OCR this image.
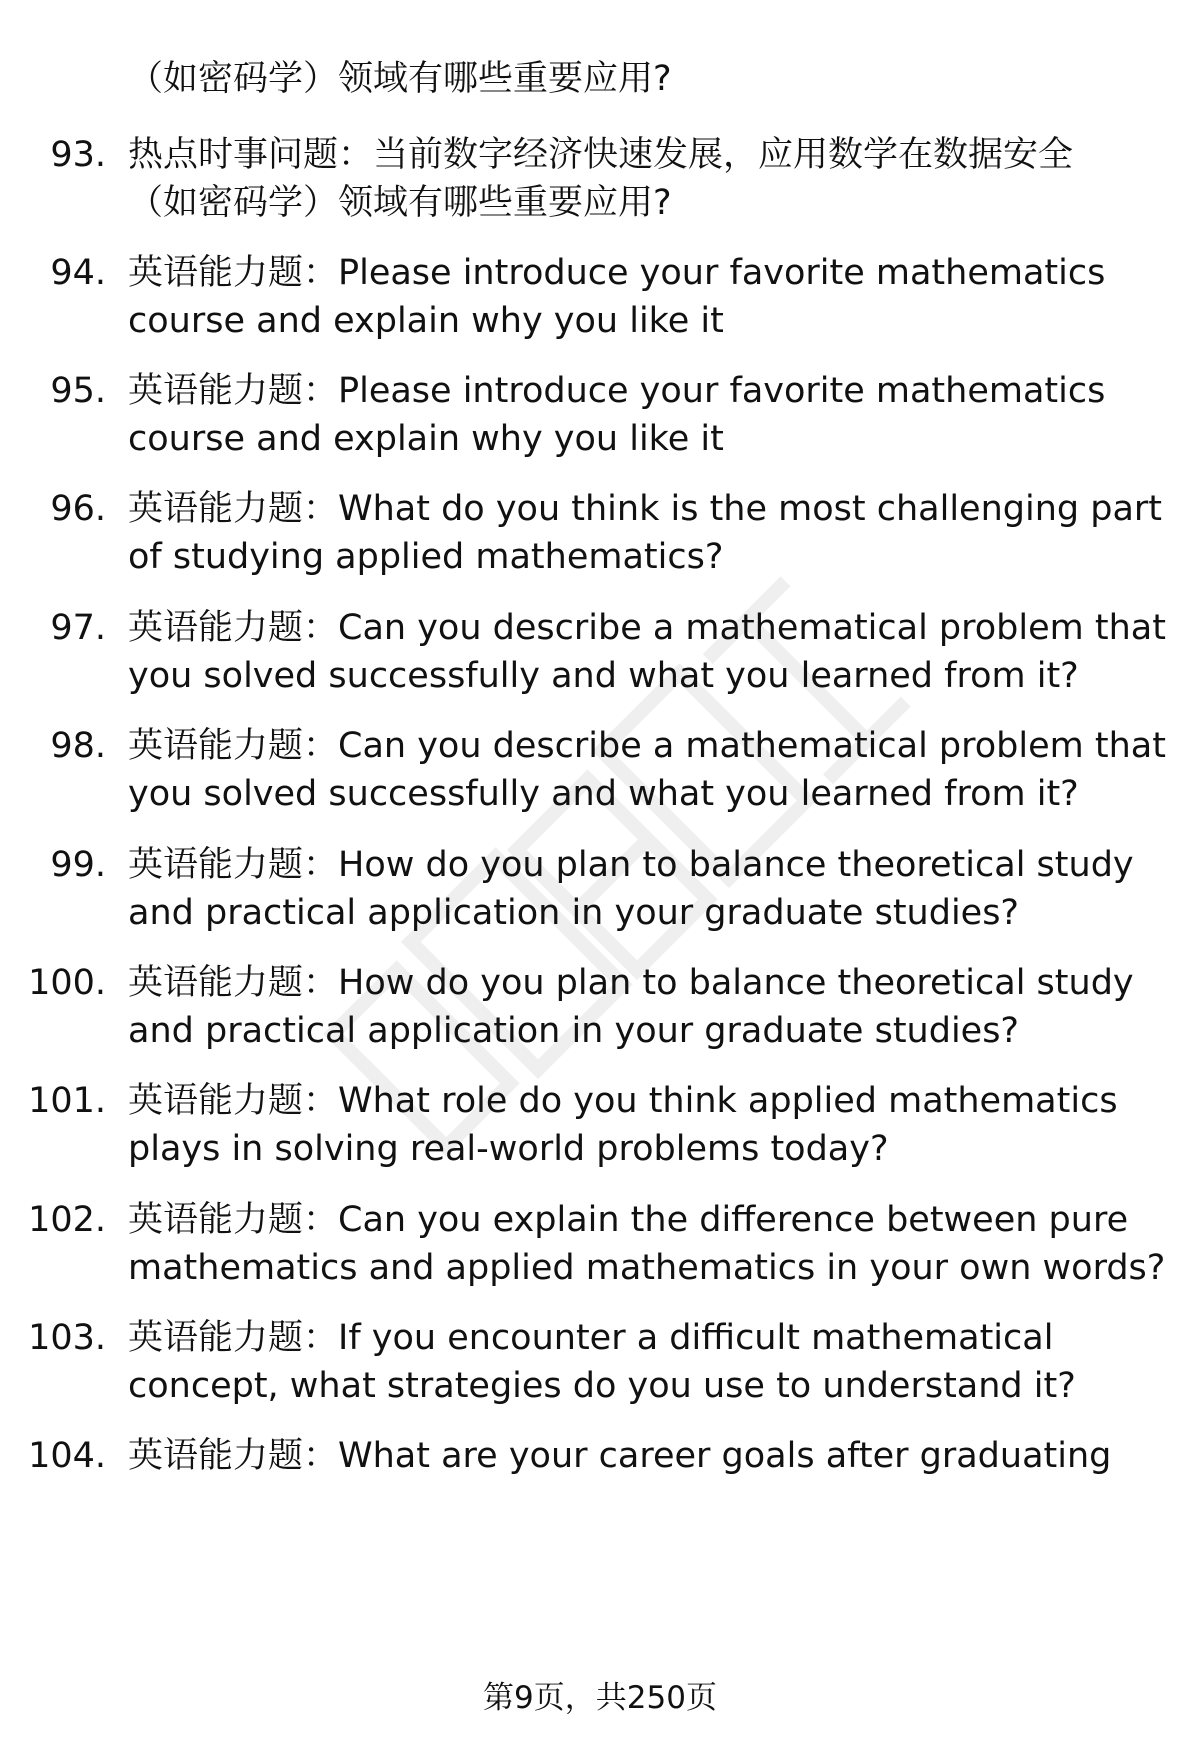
（如密码学）领域有哪些重要应用?
93. 热点时事问题：当前数字经济快速发展，应用数学在数据安全
（如密码学）领域有哪些重要应用?
94. 英语能力题：Please introduce your favorite mathematics
course and explain why you like it
95. 英语能力题：Please introduce your favorite mathematics
course and explain why you like it
96. 英语能力题：What do you think is the most challenging part
of studying applied mathematics?
97. 英语能力题：Can you describe a mathematical problem that
you solved successfully and what you learned from it?
98. 英语能力题：Can you describe a mathematical problem that
you solved successfully and what you learned from it?
99. 英语能力题：How do you plan to balance theoretical study
and practical application in your graduate studies?
100. 英语能力题：How do you plan to balance theoretical study
and practical application in your graduate studies?
101. 英语能力题：What role do you think applied mathematics
plays in solving real-world problems today?
102. 英语能力题：Can you explain the difference between pure
mathematics and applied mathematics in your own words?
103. 英语能力题：If you encounter a difficult mathematical
concept, what strategies do you use to understand it?
104. 英语能力题：What are your career goals after graduating
第9页，共250页
